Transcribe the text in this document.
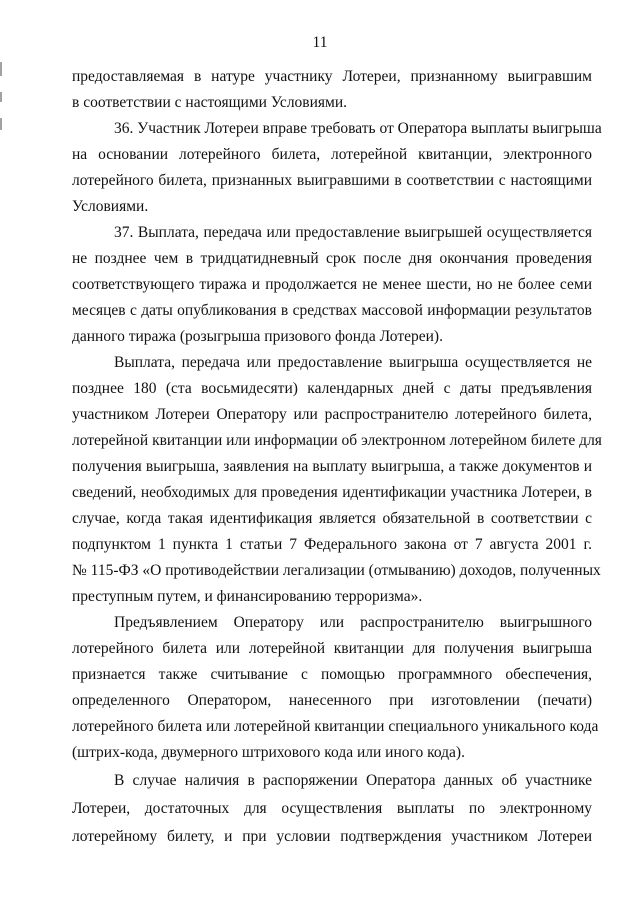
11
предоставляемая в натуре участнику Лотереи, признанному выигравшим
в соответствии с настоящими Условиями.
36. Участник Лотереи вправе требовать от Оператора выплаты выигрыша
на основании лотерейного билета, лотерейной квитанции, электронного
лотерейного билета, признанных выигравшими в соответствии с настоящими
Условиями.
37. Выплата, передача или предоставление выигрышей осуществляется
не позднее чем в тридцатидневный срок после дня окончания проведения
соответствующего тиража и продолжается не менее шести, но не более семи
месяцев с даты опубликования в средствах массовой информации результатов
данного тиража (розыгрыша призового фонда Лотереи).
Выплата, передача или предоставление выигрыша осуществляется не
позднее 180 (ста восьмидесяти) календарных дней с даты предъявления
участником Лотереи Оператору или распространителю лотерейного билета,
лотерейной квитанции или информации об электронном лотерейном билете для
получения выигрыша, заявления на выплату выигрыша, а также документов и
сведений, необходимых для проведения идентификации участника Лотереи, в
случае, когда такая идентификация является обязательной в соответствии с
подпунктом 1 пункта 1 статьи 7 Федерального закона от 7 августа 2001 г.
№ 115-ФЗ «О противодействии легализации (отмыванию) доходов, полученных
преступным путем, и финансированию терроризма».
Предъявлением Оператору или распространителю выигрышного
лотерейного билета или лотерейной квитанции для получения выигрыша
признается также считывание с помощью программного обеспечения,
определенного Оператором, нанесенного при изготовлении (печати)
лотерейного билета или лотерейной квитанции специального уникального кода
(штрих-кода, двумерного штрихового кода или иного кода).
В случае наличия в распоряжении Оператора данных об участнике
Лотереи, достаточных для осуществления выплаты по электронному
лотерейному билету, и при условии подтверждения участником Лотереи
